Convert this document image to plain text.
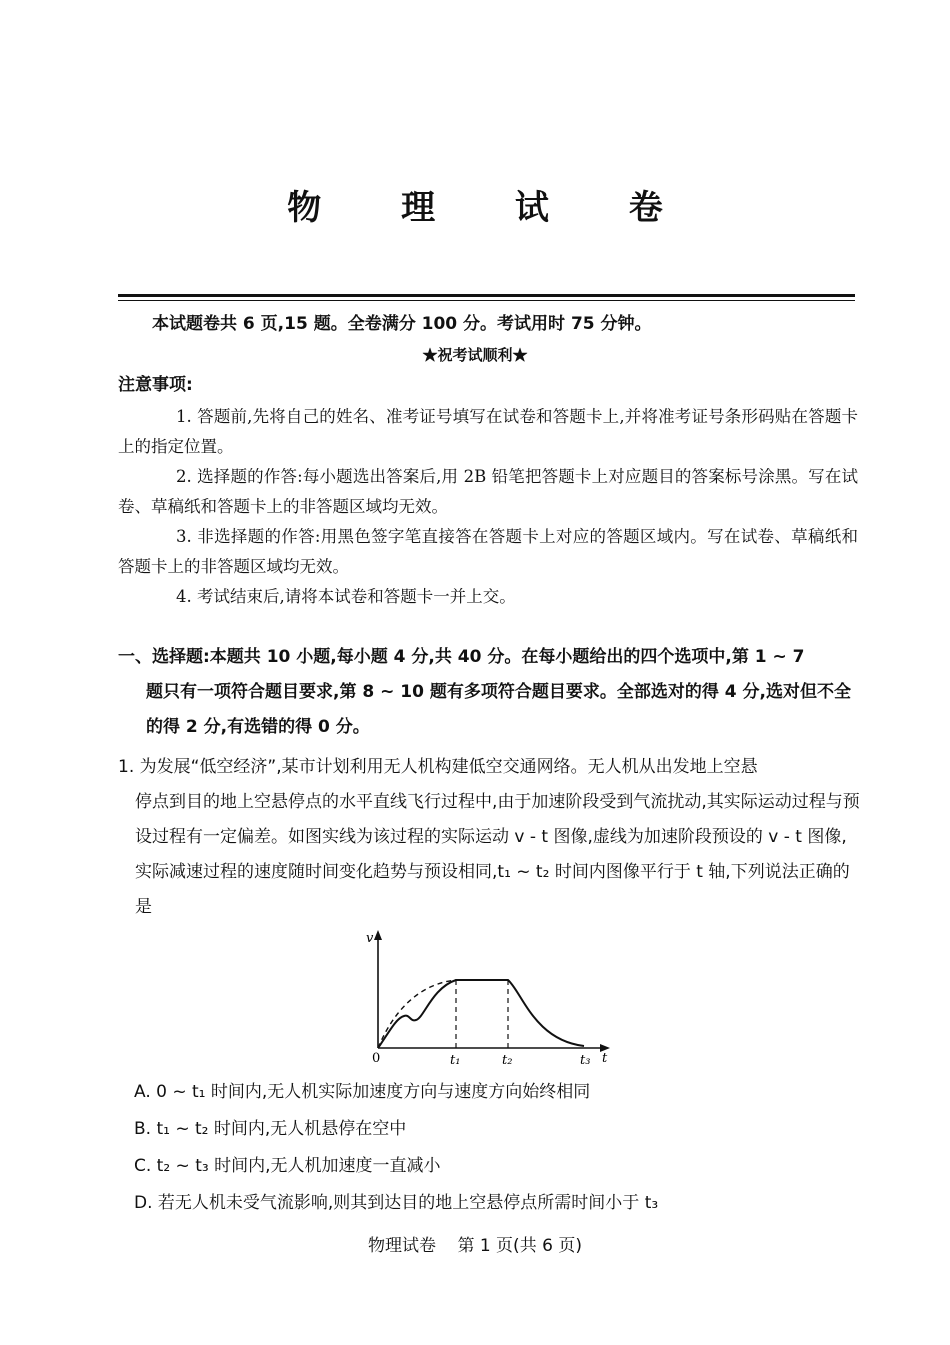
物 理 试 卷
本试题卷共 6 页,15 题。全卷满分 100 分。考试用时 75 分钟。
★祝考试顺利★
注意事项:

1. 答题前,先将自己的姓名、准考证号填写在试卷和答题卡上,并将准考证号条形码贴在答题卡上的指定位置。

2. 选择题的作答:每小题选出答案后,用 2B 铅笔把答题卡上对应题目的答案标号涂黑。写在试卷、草稿纸和答题卡上的非答题区域均无效。

3. 非选择题的作答:用黑色签字笔直接答在答题卡上对应的答题区域内。写在试卷、草稿纸和答题卡上的非答题区域均无效。

4. 考试结束后,请将本试卷和答题卡一并上交。

一、选择题:本题共 10 小题,每小题 4 分,共 40 分。在每小题给出的四个选项中,第 1 ~ 7
题只有一项符合题目要求,第 8 ~ 10 题有多项符合题目要求。全部选对的得 4 分,选对但不全的得 2 分,有选错的得 0 分。
1. 为发展“低空经济”,某市计划利用无人机构建低空交通网络。无人机从出发地上空悬
停点到目的地上空悬停点的水平直线飞行过程中,由于加速阶段受到气流扰动,其实际运动过程与预设过程有一定偏差。如图实线为该过程的实际运动 v - t 图像,虚线为加速阶段预设的 v - t 图像,实际减速过程的速度随时间变化趋势与预设相同,t₁ ~ t₂ 时间内图像平行于 t 轴,下列说法正确的是
v
t
0	t₁	t₂	t₃
A. 0 ~ t₁ 时间内,无人机实际加速度方向与速度方向始终相同
B. t₁ ~ t₂ 时间内,无人机悬停在空中
C. t₂ ~ t₃ 时间内,无人机加速度一直减小
D. 若无人机未受气流影响,则其到达目的地上空悬停点所需时间小于 t₃
物理试卷 第 1 页(共 6 页)
